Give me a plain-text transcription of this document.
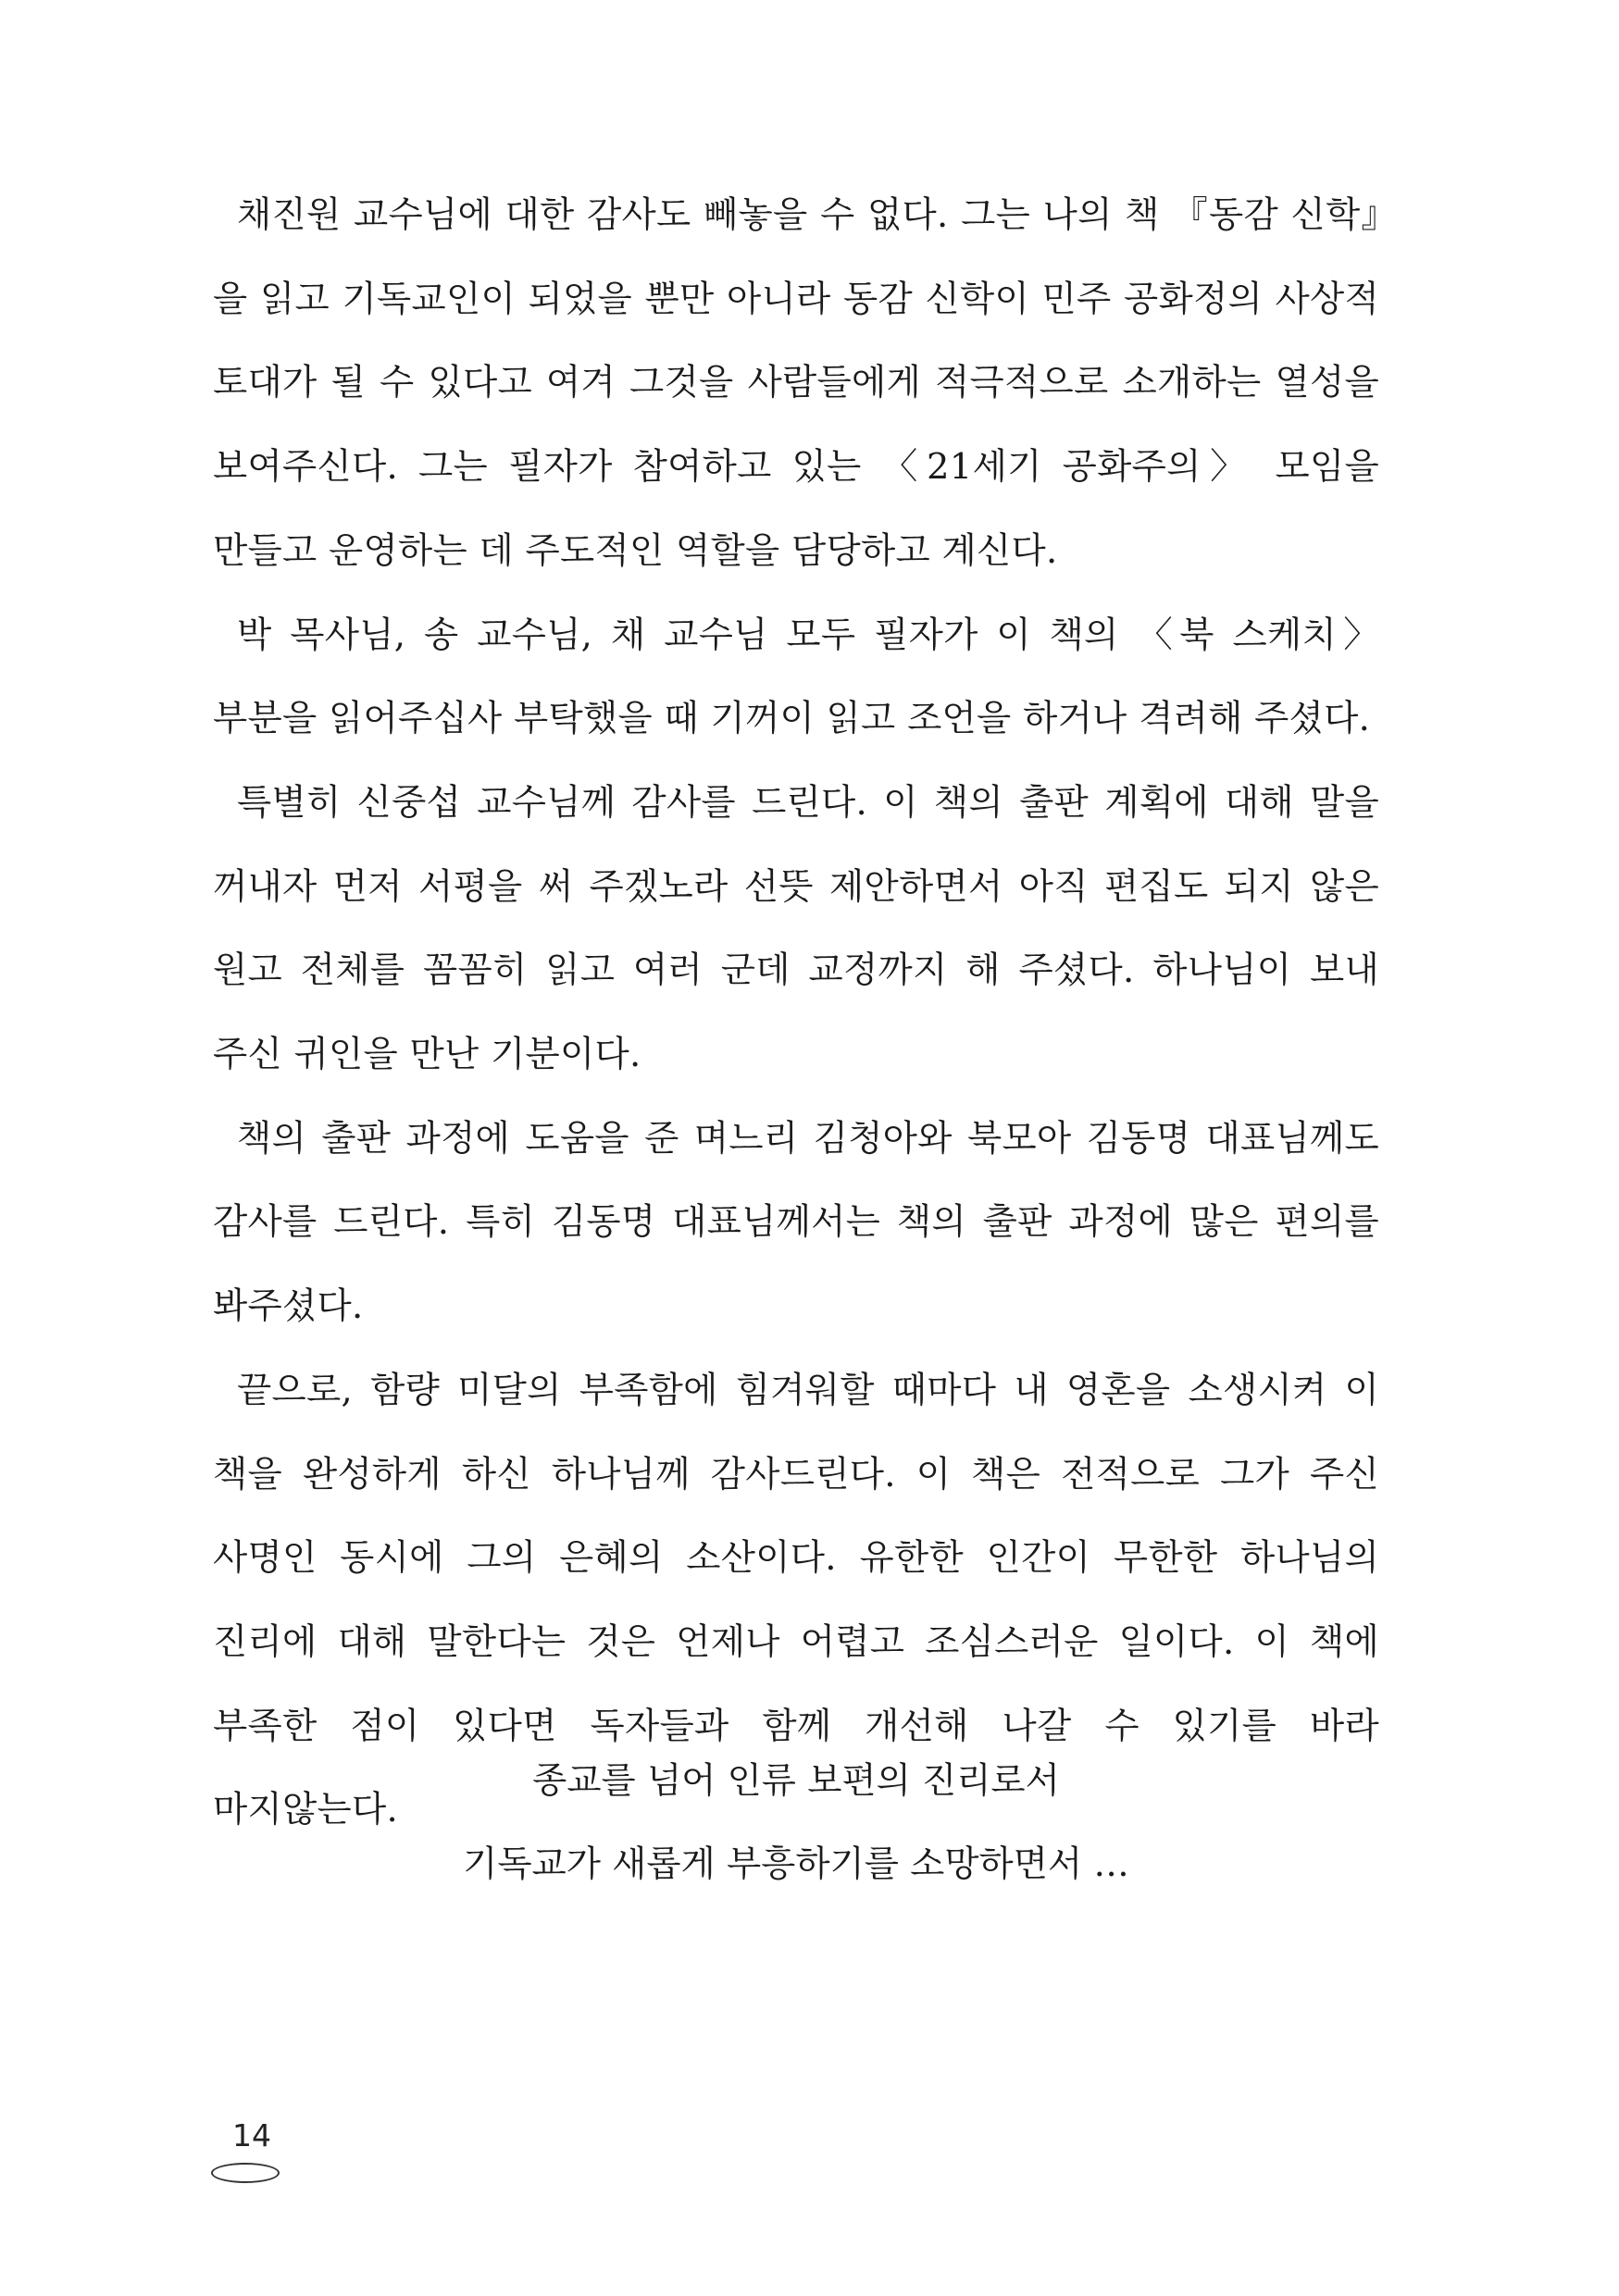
채진원 교수님에 대한 감사도 빼놓을 수 없다. 그는 나의 책 『동감 신학』을 읽고 기독교인이 되었을 뿐만 아니라 동감 신학이 민주 공화정의 사상적 토대가 될 수 있다고 여겨 그것을 사람들에게 적극적으로 소개하는 열성을 보여주신다. 그는 필자가 참여하고 있는 〈21세기 공화주의〉 모임을 만들고 운영하는 데 주도적인 역할을 담당하고 계신다.

박 목사님, 송 교수님, 채 교수님 모두 필자가 이 책의 〈북 스케치〉 부분을 읽어주십사 부탁했을 때 기꺼이 읽고 조언을 하거나 격려해 주셨다.

특별히 신중섭 교수님께 감사를 드린다. 이 책의 출판 계획에 대해 말을 꺼내자 먼저 서평을 써 주겠노라 선뜻 제안하면서 아직 편집도 되지 않은 원고 전체를 꼼꼼히 읽고 여러 군데 교정까지 해 주셨다. 하나님이 보내 주신 귀인을 만난 기분이다.

책의 출판 과정에 도움을 준 며느리 김청아와 북모아 김동명 대표님께도 감사를 드린다. 특히 김동명 대표님께서는 책의 출판 과정에 많은 편의를 봐주셨다.

끝으로, 함량 미달의 부족함에 힘겨워할 때마다 내 영혼을 소생시켜 이 책을 완성하게 하신 하나님께 감사드린다. 이 책은 전적으로 그가 주신 사명인 동시에 그의 은혜의 소산이다. 유한한 인간이 무한한 하나님의 진리에 대해 말한다는 것은 언제나 어렵고 조심스러운 일이다. 이 책에 부족한 점이 있다면 독자들과 함께 개선해 나갈 수 있기를 바라 마지않는다.

종교를 넘어 인류 보편의 진리로서
기독교가 새롭게 부흥하기를 소망하면서 …
14
